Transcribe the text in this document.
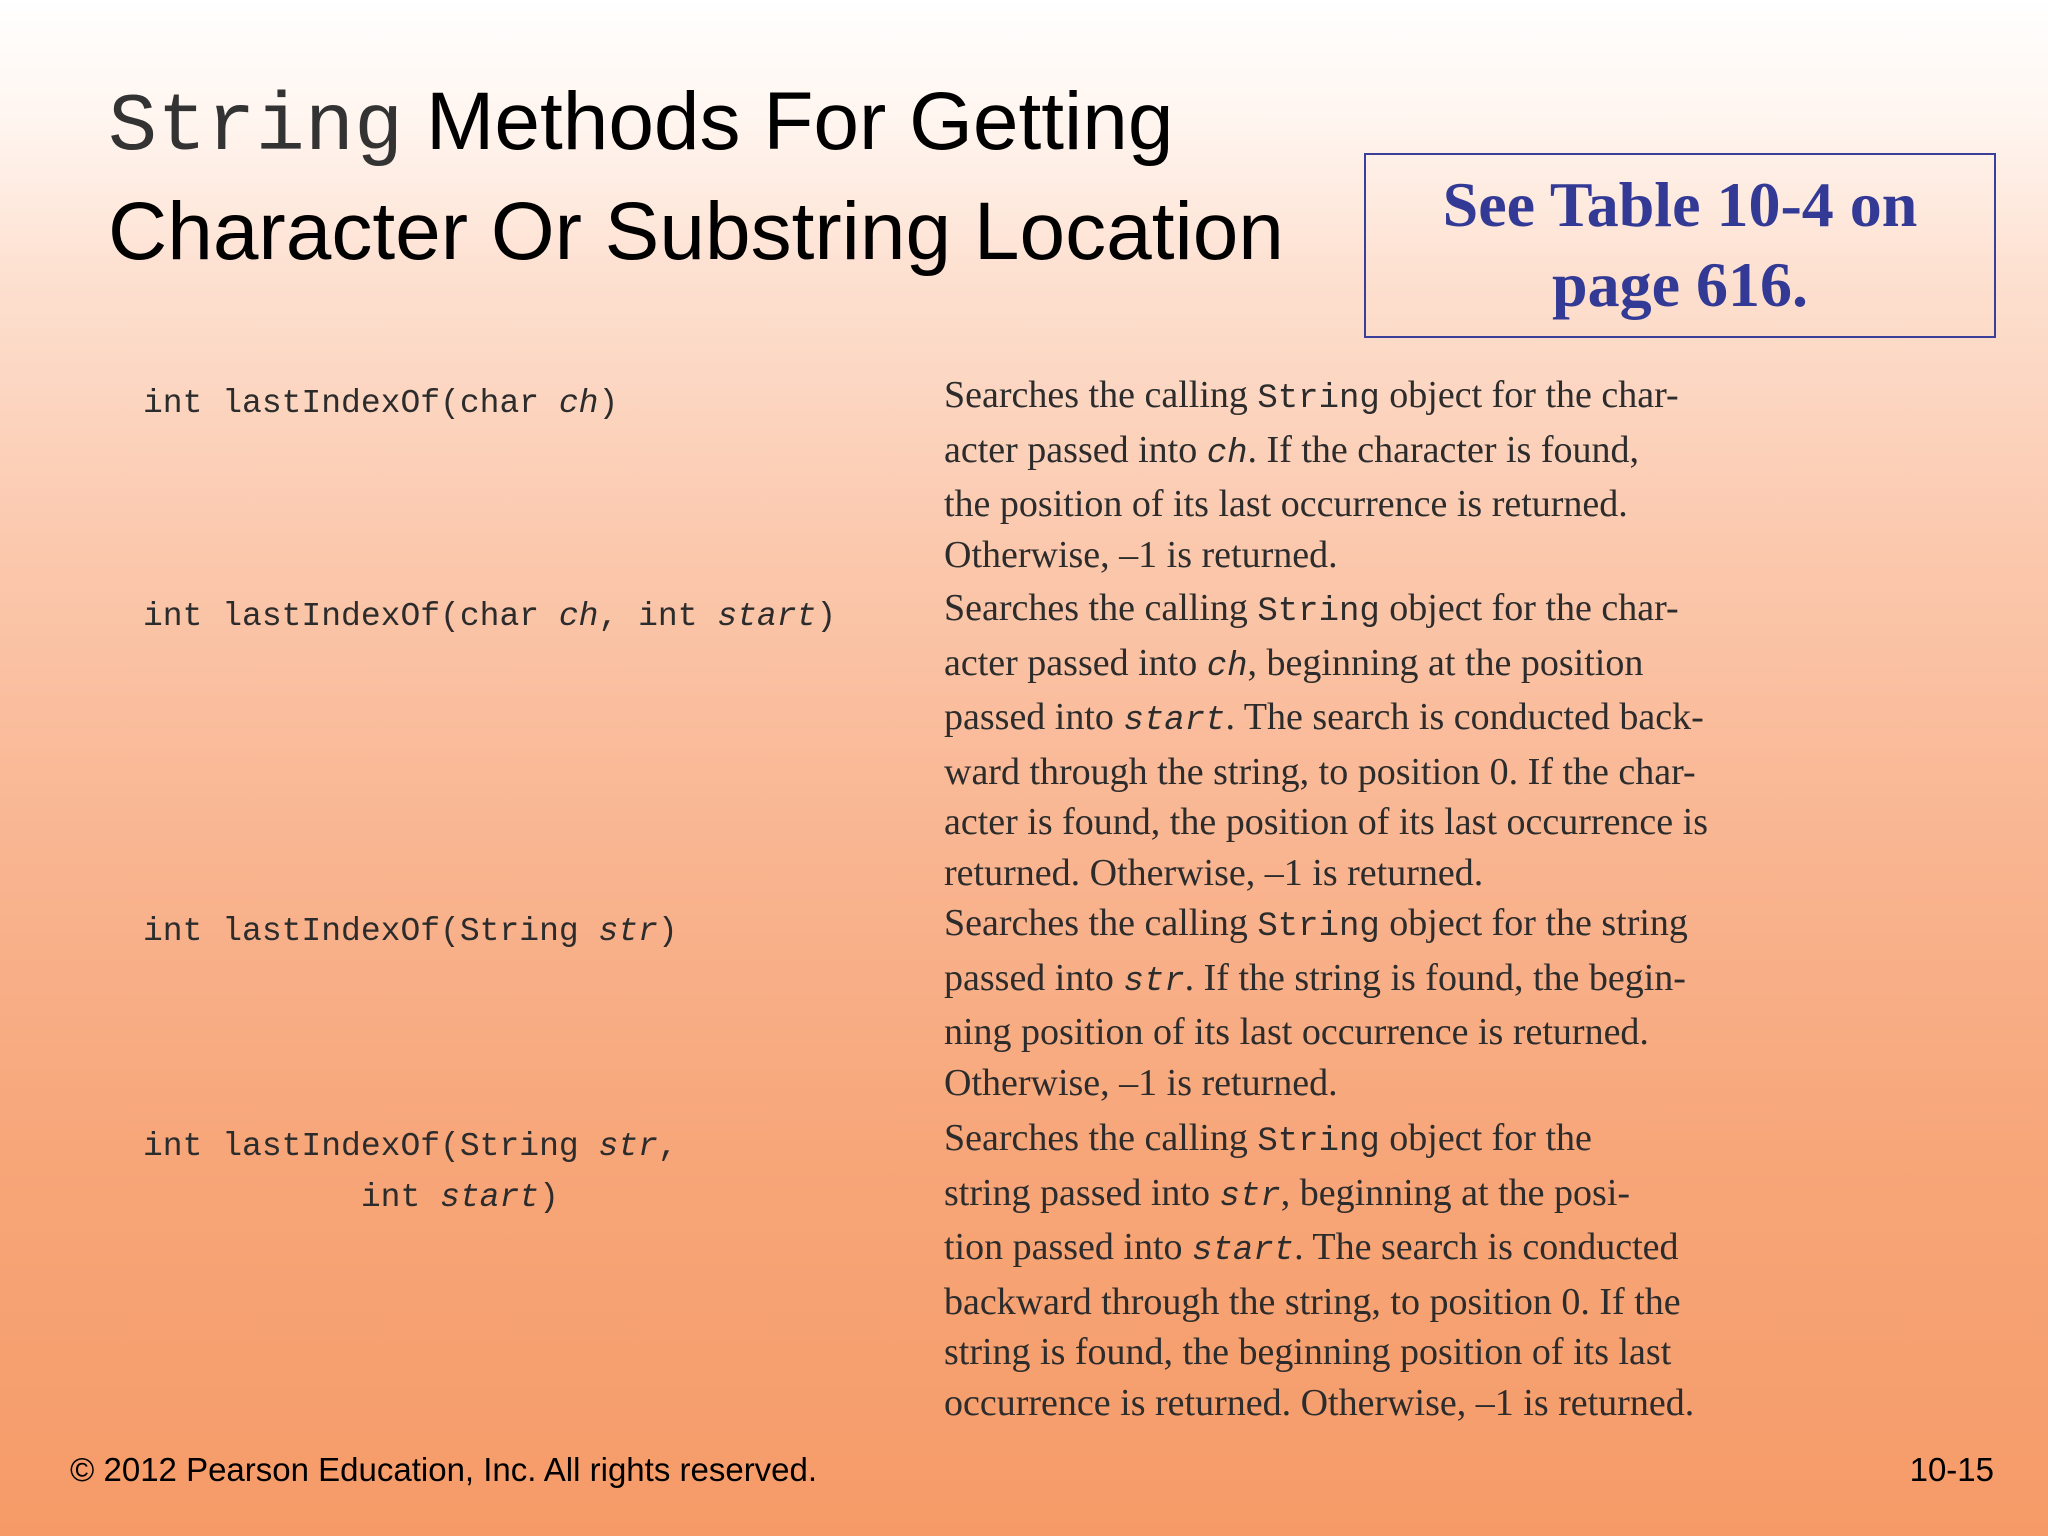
String Methods For Getting Character Or Substring Location	See Table 10-4 on
page 616.
int lastIndexOf(char ch)	Searches the calling String object for the char-
acter passed into ch. If the character is found,
the position of its last occurrence is returned.
Otherwise, –1 is returned.
int lastIndexOf(char ch, int start)	Searches the calling String object for the char-
acter passed into ch, beginning at the position
passed into start. The search is conducted back-
ward through the string, to position 0. If the char-
acter is found, the position of its last occurrence is
returned. Otherwise, –1 is returned.
int lastIndexOf(String str)	Searches the calling String object for the string
passed into str. If the string is found, the begin-
ning position of its last occurrence is returned.
Otherwise, –1 is returned.
int lastIndexOf(String str,
int start)
Searches the calling String object for the
string passed into str, beginning at the posi-
tion passed into start. The search is conducted
backward through the string, to position 0. If the
string is found, the beginning position of its last
occurrence is returned. Otherwise, –1 is returned.
© 2012 Pearson Education, Inc. All rights reserved.	10-15
